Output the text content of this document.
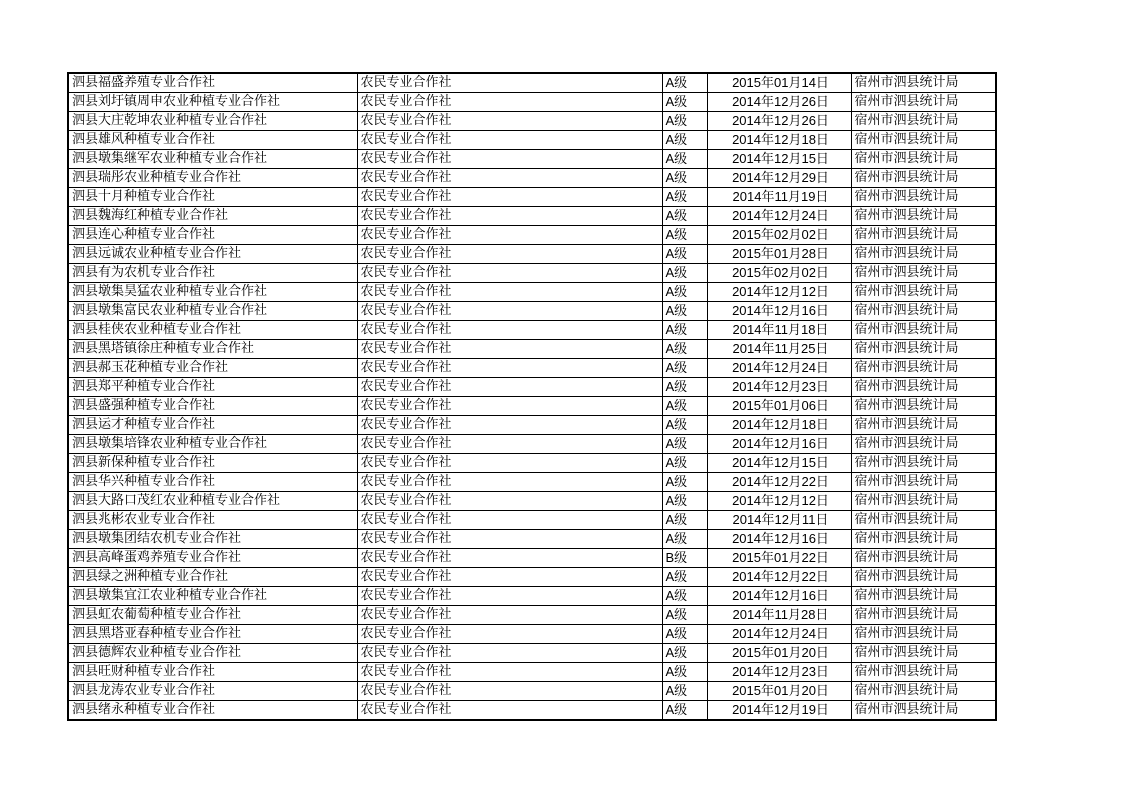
泗县福盛养殖专业合作社	农民专业合作社	A级	2015年01月14日	宿州市泗县统计局
泗县刘圩镇周申农业种植专业合作社	农民专业合作社	A级	2014年12月26日	宿州市泗县统计局
泗县大庄乾坤农业种植专业合作社	农民专业合作社	A级	2014年12月26日	宿州市泗县统计局
泗县雄风种植专业合作社	农民专业合作社	A级	2014年12月18日	宿州市泗县统计局
泗县墩集继军农业种植专业合作社	农民专业合作社	A级	2014年12月15日	宿州市泗县统计局
泗县瑞彤农业种植专业合作社	农民专业合作社	A级	2014年12月29日	宿州市泗县统计局
泗县十月种植专业合作社	农民专业合作社	A级	2014年11月19日	宿州市泗县统计局
泗县魏海红种植专业合作社	农民专业合作社	A级	2014年12月24日	宿州市泗县统计局
泗县连心种植专业合作社	农民专业合作社	A级	2015年02月02日	宿州市泗县统计局
泗县远诚农业种植专业合作社	农民专业合作社	A级	2015年01月28日	宿州市泗县统计局
泗县有为农机专业合作社	农民专业合作社	A级	2015年02月02日	宿州市泗县统计局
泗县墩集昊猛农业种植专业合作社	农民专业合作社	A级	2014年12月12日	宿州市泗县统计局
泗县墩集富民农业种植专业合作社	农民专业合作社	A级	2014年12月16日	宿州市泗县统计局
泗县桂侠农业种植专业合作社	农民专业合作社	A级	2014年11月18日	宿州市泗县统计局
泗县黑塔镇徐庄种植专业合作社	农民专业合作社	A级	2014年11月25日	宿州市泗县统计局
泗县郝玉花种植专业合作社	农民专业合作社	A级	2014年12月24日	宿州市泗县统计局
泗县郑平种植专业合作社	农民专业合作社	A级	2014年12月23日	宿州市泗县统计局
泗县盛强种植专业合作社	农民专业合作社	A级	2015年01月06日	宿州市泗县统计局
泗县运才种植专业合作社	农民专业合作社	A级	2014年12月18日	宿州市泗县统计局
泗县墩集培锋农业种植专业合作社	农民专业合作社	A级	2014年12月16日	宿州市泗县统计局
泗县新保种植专业合作社	农民专业合作社	A级	2014年12月15日	宿州市泗县统计局
泗县华兴种植专业合作社	农民专业合作社	A级	2014年12月22日	宿州市泗县统计局
泗县大路口茂红农业种植专业合作社	农民专业合作社	A级	2014年12月12日	宿州市泗县统计局
泗县兆彬农业专业合作社	农民专业合作社	A级	2014年12月11日	宿州市泗县统计局
泗县墩集团结农机专业合作社	农民专业合作社	A级	2014年12月16日	宿州市泗县统计局
泗县高峰蛋鸡养殖专业合作社	农民专业合作社	B级	2015年01月22日	宿州市泗县统计局
泗县绿之洲种植专业合作社	农民专业合作社	A级	2014年12月22日	宿州市泗县统计局
泗县墩集宜江农业种植专业合作社	农民专业合作社	A级	2014年12月16日	宿州市泗县统计局
泗县虹农葡萄种植专业合作社	农民专业合作社	A级	2014年11月28日	宿州市泗县统计局
泗县黑塔亚春种植专业合作社	农民专业合作社	A级	2014年12月24日	宿州市泗县统计局
泗县德辉农业种植专业合作社	农民专业合作社	A级	2015年01月20日	宿州市泗县统计局
泗县旺财种植专业合作社	农民专业合作社	A级	2014年12月23日	宿州市泗县统计局
泗县龙涛农业专业合作社	农民专业合作社	A级	2015年01月20日	宿州市泗县统计局
泗县绪永种植专业合作社	农民专业合作社	A级	2014年12月19日	宿州市泗县统计局
